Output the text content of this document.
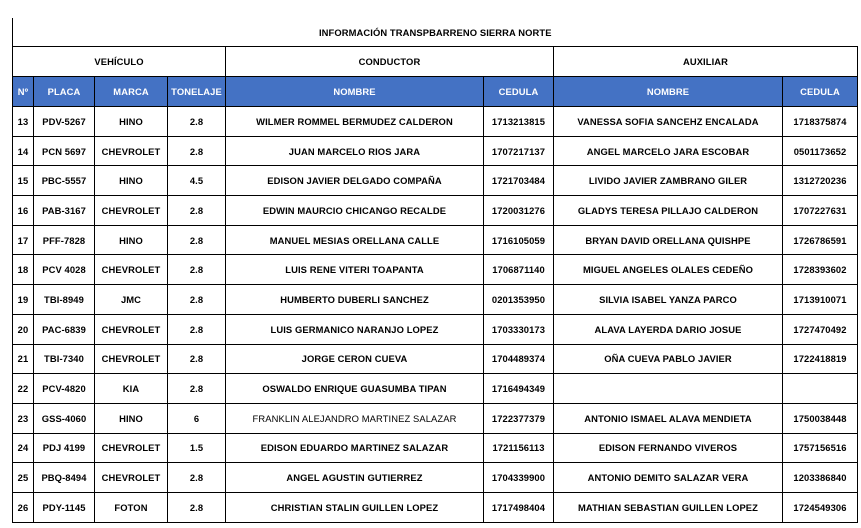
INFORMACIÓN TRANSPBARRENO SIERRA NORTE							
VEHÍCULO				CONDUCTOR		AUXILIAR	
Nº	PLACA	MARCA	TONELAJE	NOMBRE	CEDULA	NOMBRE	CEDULA
13	PDV-5267	HINO	2.8	WILMER ROMMEL BERMUDEZ CALDERON	1713213815	VANESSA SOFIA SANCEHZ ENCALADA	1718375874
14	PCN 5697	CHEVROLET	2.8	JUAN MARCELO RIOS JARA	1707217137	ANGEL MARCELO JARA ESCOBAR	0501173652
15	PBC-5557	HINO	4.5	EDISON JAVIER DELGADO COMPAÑA	1721703484	LIVIDO JAVIER ZAMBRANO GILER	1312720236
16	PAB-3167	CHEVROLET	2.8	EDWIN MAURCIO CHICANGO RECALDE	1720031276	GLADYS TERESA PILLAJO CALDERON	1707227631
17	PFF-7828	HINO	2.8	MANUEL MESIAS ORELLANA CALLE	1716105059	BRYAN DAVID ORELLANA QUISHPE	1726786591
18	PCV 4028	CHEVROLET	2.8	LUIS RENE VITERI TOAPANTA	1706871140	MIGUEL ANGELES OLALES CEDEÑO	1728393602
19	TBI-8949	JMC	2.8	HUMBERTO DUBERLI SANCHEZ	0201353950	SILVIA ISABEL YANZA PARCO	1713910071
20	PAC-6839	CHEVROLET	2.8	LUIS GERMANICO NARANJO LOPEZ	1703330173	ALAVA LAYERDA DARIO JOSUE	1727470492
21	TBI-7340	CHEVROLET	2.8	JORGE CERON CUEVA	1704489374	OÑA CUEVA PABLO JAVIER	1722418819
22	PCV-4820	KIA	2.8	OSWALDO ENRIQUE GUASUMBA TIPAN	1716494349		
23	GSS-4060	HINO	6	FRANKLIN ALEJANDRO MARTINEZ SALAZAR	1722377379	ANTONIO ISMAEL ALAVA MENDIETA	1750038448
24	PDJ 4199	CHEVROLET	1.5	EDISON EDUARDO MARTINEZ SALAZAR	1721156113	EDISON FERNANDO VIVEROS	1757156516
25	PBQ-8494	CHEVROLET	2.8	ANGEL AGUSTIN GUTIERREZ	1704339900	ANTONIO DEMITO SALAZAR VERA	1203386840
26	PDY-1145	FOTON	2.8	CHRISTIAN STALIN GUILLEN LOPEZ	1717498404	MATHIAN SEBASTIAN GUILLEN LOPEZ	1724549306
